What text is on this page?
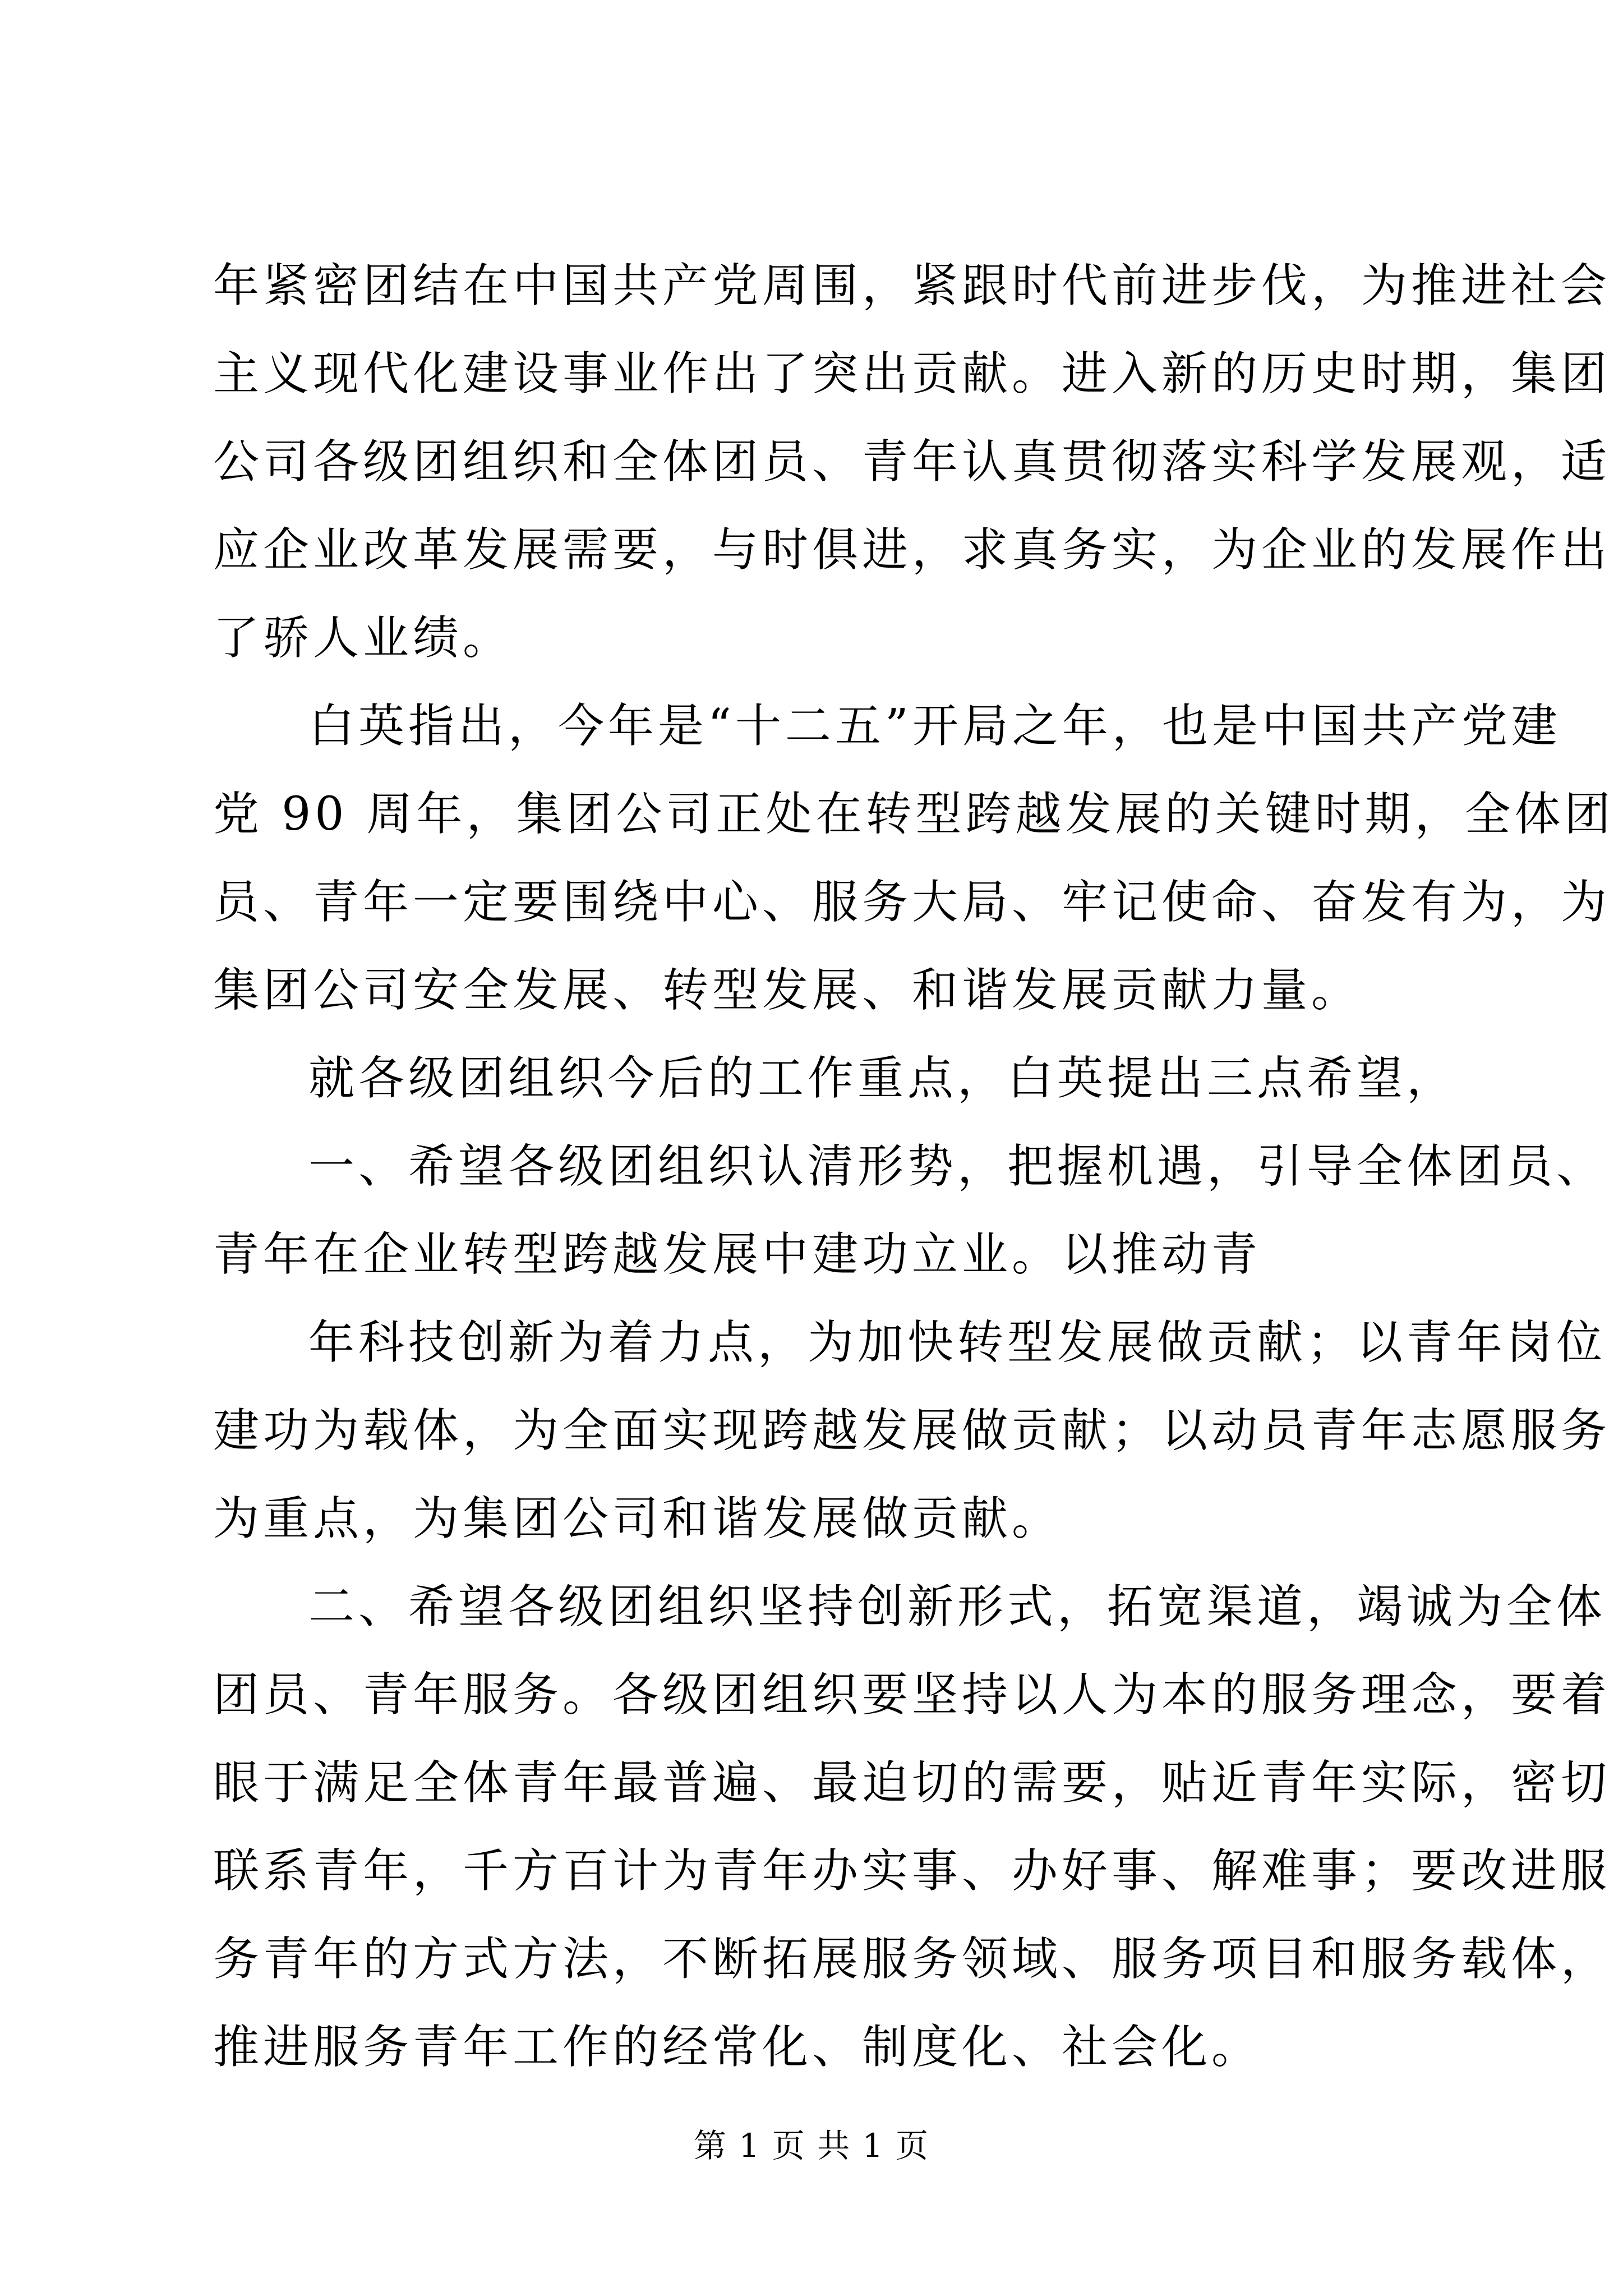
年紧密团结在中国共产党周围，紧跟时代前进步伐，为推进社会
主义现代化建设事业作出了突出贡献。进入新的历史时期，集团
公司各级团组织和全体团员、青年认真贯彻落实科学发展观，适
应企业改革发展需要，与时俱进，求真务实，为企业的发展作出
了骄人业绩。
白英指出，今年是“十二五”开局之年，也是中国共产党建
党 90 周年，集团公司正处在转型跨越发展的关键时期，全体团
员、青年一定要围绕中心、服务大局、牢记使命、奋发有为，为
集团公司安全发展、转型发展、和谐发展贡献力量。
就各级团组织今后的工作重点，白英提出三点希望，
一、希望各级团组织认清形势，把握机遇，引导全体团员、
青年在企业转型跨越发展中建功立业。以推动青
年科技创新为着力点，为加快转型发展做贡献；以青年岗位
建功为载体，为全面实现跨越发展做贡献；以动员青年志愿服务
为重点，为集团公司和谐发展做贡献。
二、希望各级团组织坚持创新形式，拓宽渠道，竭诚为全体
团员、青年服务。各级团组织要坚持以人为本的服务理念，要着
眼于满足全体青年最普遍、最迫切的需要，贴近青年实际，密切
联系青年，千方百计为青年办实事、办好事、解难事；要改进服
务青年的方式方法，不断拓展服务领域、服务项目和服务载体，
推进服务青年工作的经常化、制度化、社会化。
第 1 页 共 1 页
